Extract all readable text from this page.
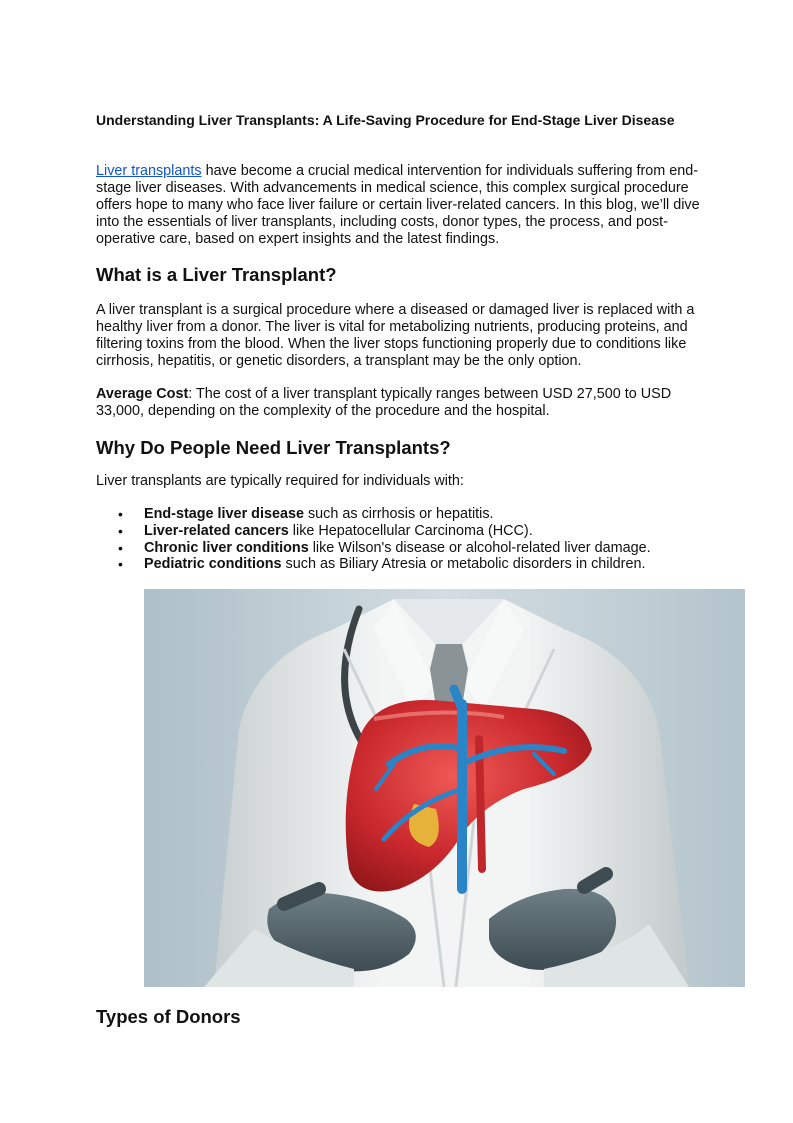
Understanding Liver Transplants: A Life-Saving Procedure for End-Stage Liver Disease

Liver transplants have become a crucial medical intervention for individuals suffering from end-stage liver diseases. With advancements in medical science, this complex surgical procedure offers hope to many who face liver failure or certain liver-related cancers. In this blog, we’ll dive into the essentials of liver transplants, including costs, donor types, the process, and post-operative care, based on expert insights and the latest findings.

What is a Liver Transplant?

A liver transplant is a surgical procedure where a diseased or damaged liver is replaced with a healthy liver from a donor. The liver is vital for metabolizing nutrients, producing proteins, and filtering toxins from the blood. When the liver stops functioning properly due to conditions like cirrhosis, hepatitis, or genetic disorders, a transplant may be the only option.

Average Cost: The cost of a liver transplant typically ranges between USD 27,500 to USD 33,000, depending on the complexity of the procedure and the hospital.

Why Do People Need Liver Transplants?

Liver transplants are typically required for individuals with:

• End-stage liver disease such as cirrhosis or hepatitis.
• Liver-related cancers like Hepatocellular Carcinoma (HCC).
• Chronic liver conditions like Wilson's disease or alcohol-related liver damage.
• Pediatric conditions such as Biliary Atresia or metabolic disorders in children.
Types of Donors
